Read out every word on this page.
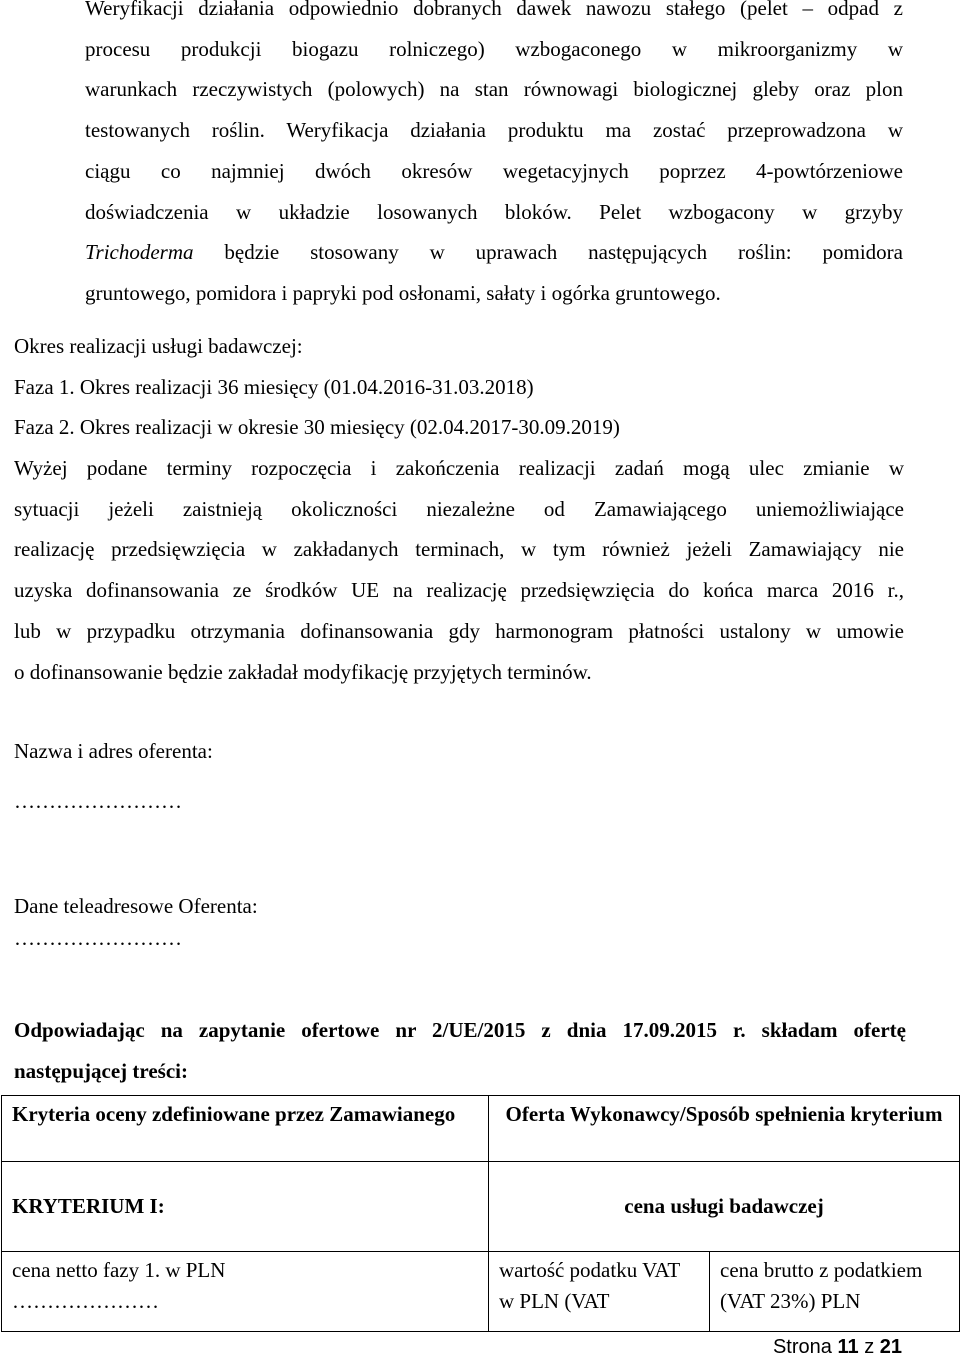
Weryfikacji działania odpowiednio dobranych dawek nawozu stałego (pelet – odpad z
procesu produkcji biogazu rolniczego) wzbogaconego w mikroorganizmy w
warunkach rzeczywistych (polowych) na stan równowagi biologicznej gleby oraz plon
testowanych roślin. Weryfikacja działania produktu ma zostać przeprowadzona w
ciągu co najmniej dwóch okresów wegetacyjnych poprzez 4-powtórzeniowe
doświadczenia w układzie losowanych bloków. Pelet wzbogacony w grzyby
Trichoderma będzie stosowany w uprawach następujących roślin: pomidora
gruntowego, pomidora i papryki pod osłonami, sałaty i ogórka gruntowego.

Okres realizacji usługi badawczej:

Faza 1. Okres realizacji 36 miesięcy (01.04.2016-31.03.2018)

Faza 2. Okres realizacji w okresie 30 miesięcy (02.04.2017-30.09.2019)

Wyżej podane terminy rozpoczęcia i zakończenia realizacji zadań mogą ulec zmianie w
sytuacji jeżeli zaistnieją okoliczności niezależne od Zamawiającego uniemożliwiające
realizację przedsięwzięcia w zakładanych terminach, w tym również jeżeli Zamawiający nie
uzyska dofinansowania ze środków UE na realizację przedsięwzięcia do końca marca 2016 r.,
lub w przypadku otrzymania dofinansowania gdy harmonogram płatności ustalony w umowie
o dofinansowanie będzie zakładał modyfikację przyjętych terminów.

Nazwa i adres oferenta:

……………………

Dane teleadresowe Oferenta:

……………………

Odpowiadając na zapytanie ofertowe nr 2/UE/2015 z dnia 17.09.2015 r. składam ofertę
następującej treści:
Kryteria oceny zdefiniowane przez Zamawianego	Oferta Wykonawcy/Sposób spełnienia kryterium	
KRYTERIUM I:	cena usługi badawczej	

cena netto fazy 1. w PLN
…………………	wartość podatku VAT w PLN (VAT	cena brutto z podatkiem (VAT 23%) PLN
Strona 11 z 21
